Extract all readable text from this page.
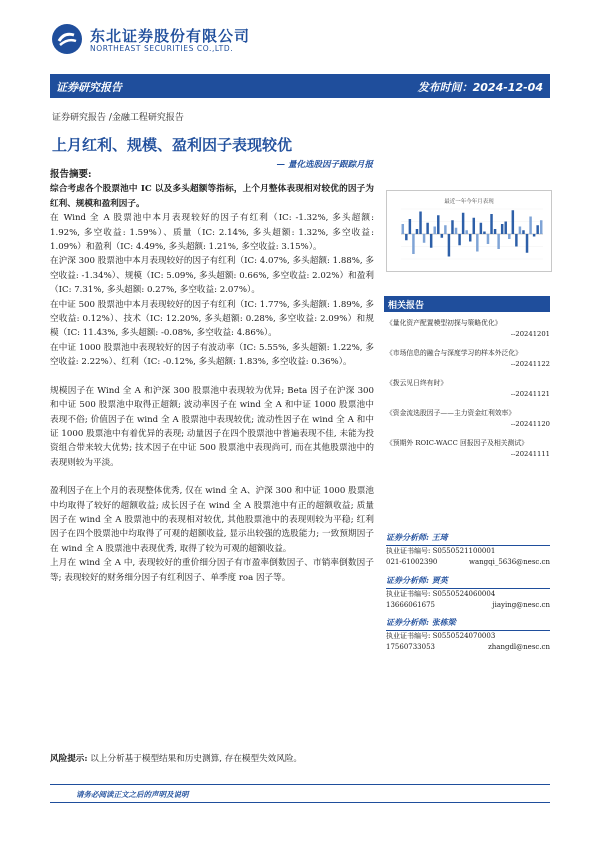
东北证券股份有限公司
NORTHEAST SECURITIES CO.,LTD.
证券研究报告	发布时间：2024-12-04
证券研究报告 /金融工程研究报告
上月红利、规模、盈利因子表现较优
— 量化选股因子跟踪月报

报告摘要:

综合考虑各个股票池中 IC 以及多头超额等指标，上个月整体表现相对较优的因子为红利、规模和盈利因子。

在 Wind 全 A 股票池中本月表现较好的因子有红利（IC: -1.32%, 多头超额: 1.92%, 多空收益: 1.59%）、质量（IC: 2.14%, 多头超额: 1.32%, 多空收益: 1.09%）和盈利（IC: 4.49%, 多头超额: 1.21%, 多空收益: 3.15%）。

在沪深 300 股票池中本月表现较好的因子有红利（IC: 4.07%, 多头超额: 1.88%, 多空收益: -1.34%）、规模（IC: 5.09%, 多头超额: 0.66%, 多空收益: 2.02%）和盈利（IC: 7.31%, 多头超额: 0.27%, 多空收益: 2.07%）。

在中证 500 股票池中本月表现较好的因子有红利（IC: 1.77%, 多头超额: 1.89%, 多空收益: 0.12%）、技术（IC: 12.20%, 多头超额: 0.28%, 多空收益: 2.09%）和规模（IC: 11.43%, 多头超额: -0.08%, 多空收益: 4.86%）。

在中证 1000 股票池中表现较好的因子有波动率（IC: 5.55%, 多头超额: 1.22%, 多空收益: 2.22%）、红利（IC: -0.12%, 多头超额: 1.83%, 多空收益: 0.36%）。

规模因子在 Wind 全 A 和沪深 300 股票池中表现较为优异; Beta 因子在沪深 300 和中证 500 股票池中取得正超额; 波动率因子在 wind 全 A 和中证 1000 股票池中表现不俗; 价值因子在 wind 全 A 股票池中表现较优; 流动性因子在 wind 全 A 和中证 1000 股票池中有着优异的表现; 动量因子在四个股票池中普遍表现不佳, 未能为投资组合带来较大优势; 技术因子在中证 500 股票池中表现尚可, 而在其他股票池中的表现则较为平淡。

盈利因子在上个月的表现整体优秀, 仅在 wind 全 A、沪深 300 和中证 1000 股票池中均取得了较好的超额收益; 成长因子在 wind 全 A 股票池中有正的超额收益; 质量因子在 wind 全 A 股票池中的表现相对较优, 其他股票池中的表现则较为平稳; 红利因子在四个股票池中均取得了可观的超额收益, 显示出较强的选股能力; 一致预期因子在 wind 全 A 股票池中表现优秀, 取得了较为可观的超额收益。

上月在 wind 全 A 中, 表现较好的重价细分因子有市盈率倒数因子、市销率倒数因子等; 表现较好的财务细分因子有红利因子、单季度 roa 因子等。

最近一年今年月表现
相关报告
《量化资产配置模型初探与策略优化》
--20241201
《市场信息的融合与深度学习的样本外泛化》
--20241122
《拨云见日终有时》
--20241121
《资金流选股因子——主力资金红利效率》
--20241120
《预期外 ROIC-WACC 回报因子及相关测试》
--20241111
证券分析师: 王琦
执业证书编号: S0550521100001
021-61002390	wangqi_5636@nesc.cn
证券分析师: 贾英
执业证书编号: S0550524060004
13666061675	jiaying@nesc.cn
证券分析师: 张栋梁
执业证书编号: S0550524070003
17560733053	zhangdl@nesc.cn
风险提示: 以上分析基于模型结果和历史测算, 存在模型失效风险。
请务必阅读正文之后的声明及说明
